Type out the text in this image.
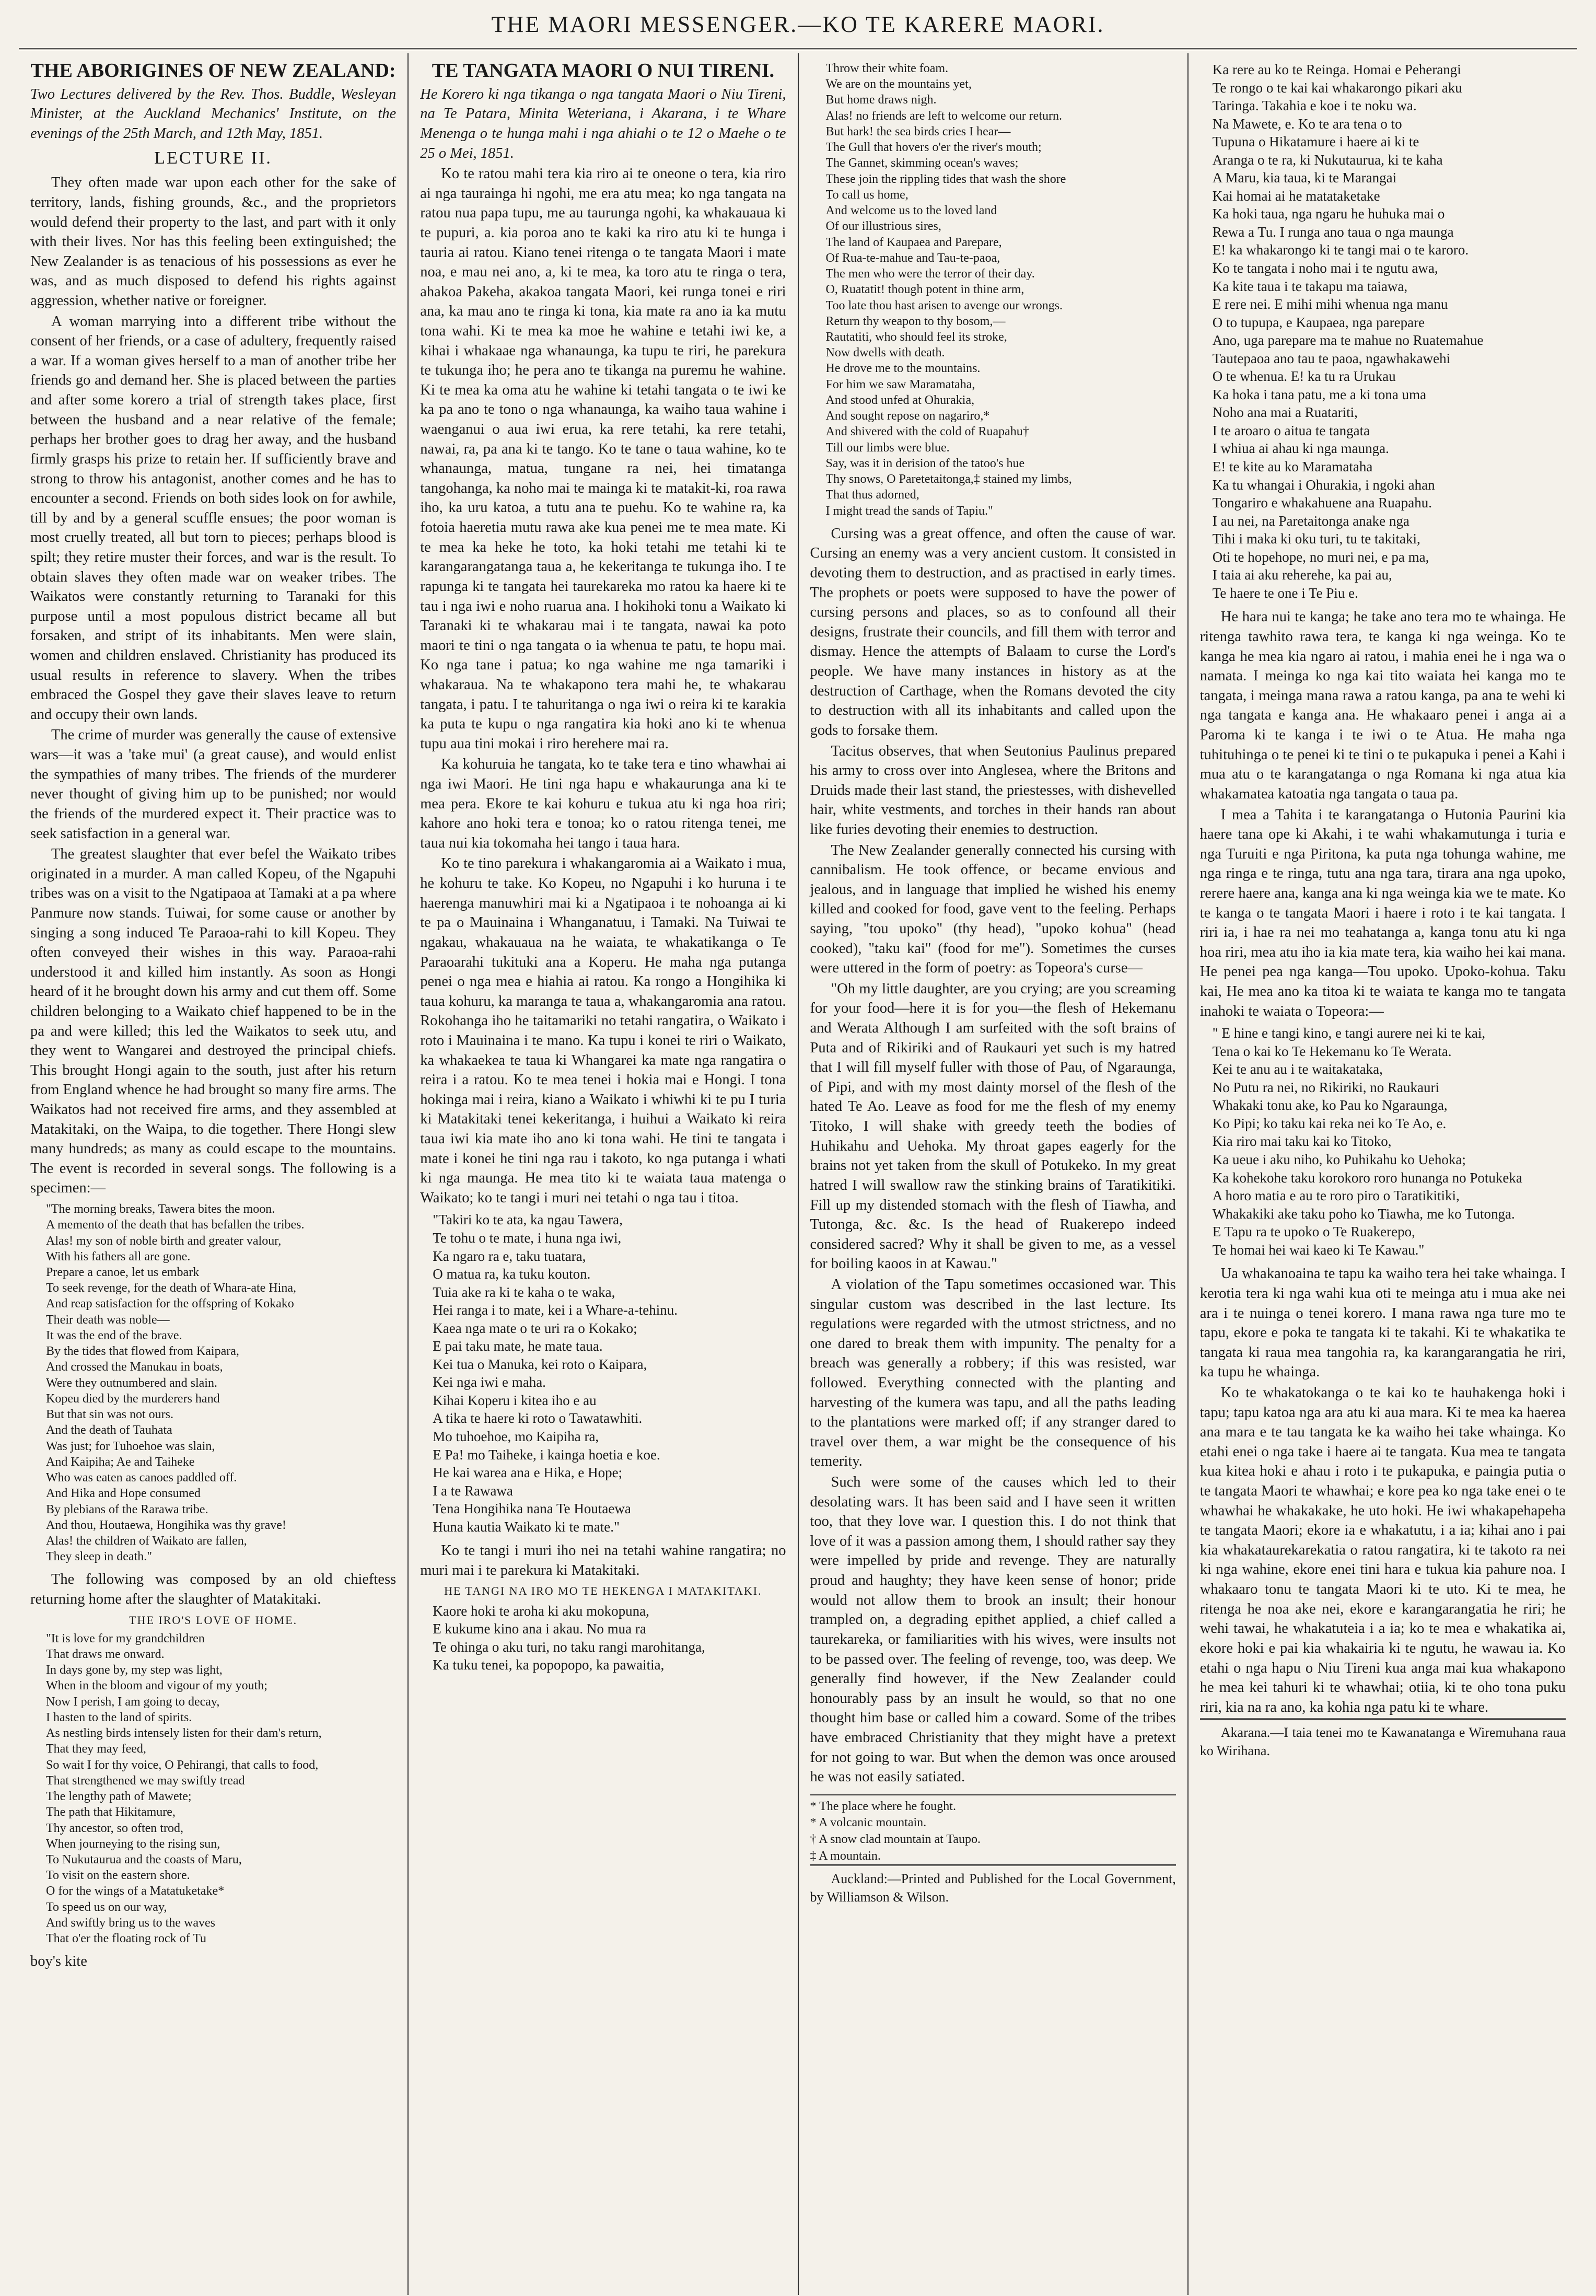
THE MAORI MESSENGER.—KO TE KARERE MAORI.
THE ABORIGINES OF NEW ZEALAND:

Two Lectures delivered by the Rev. Thos. Buddle, Wesleyan Minister, at the Auckland Mechanics' Institute, on the evenings of the 25th March, and 12th May, 1851.

LECTURE II.

They often made war upon each other for the sake of territory, lands, fishing grounds, &c., and the proprietors would defend their property to the last, and part with it only with their lives. Nor has this feeling been extinguished; the New Zealander is as tenacious of his possessions as ever he was, and as much disposed to defend his rights against aggression, whether native or foreigner.

A woman marrying into a different tribe without the consent of her friends, or a case of adultery, frequently raised a war. If a woman gives herself to a man of another tribe her friends go and demand her. She is placed between the parties and after some korero a trial of strength takes place, first between the husband and a near relative of the female; perhaps her brother goes to drag her away, and the husband firmly grasps his prize to retain her. If sufficiently brave and strong to throw his antagonist, another comes and he has to encounter a second. Friends on both sides look on for awhile, till by and by a general scuffle ensues; the poor woman is most cruelly treated, all but torn to pieces; perhaps blood is spilt; they retire muster their forces, and war is the result. To obtain slaves they often made war on weaker tribes. The Waikatos were constantly returning to Taranaki for this purpose until a most populous district became all but forsaken, and stript of its inhabitants. Men were slain, women and children enslaved. Christianity has produced its usual results in reference to slavery. When the tribes embraced the Gospel they gave their slaves leave to return and occupy their own lands.

The crime of murder was generally the cause of extensive wars—it was a 'take mui' (a great cause), and would enlist the sympathies of many tribes. The friends of the murderer never thought of giving him up to be punished; nor would the friends of the murdered expect it. Their practice was to seek satisfaction in a general war.

The greatest slaughter that ever befel the Waikato tribes originated in a murder. A man called Kopeu, of the Ngapuhi tribes was on a visit to the Ngatipaoa at Tamaki at a pa where Panmure now stands. Tuiwai, for some cause or another by singing a song induced Te Paraoa-rahi to kill Kopeu. They often conveyed their wishes in this way. Paraoa-rahi understood it and killed him instantly. As soon as Hongi heard of it he brought down his army and cut them off. Some children belonging to a Waikato chief happened to be in the pa and were killed; this led the Waikatos to seek utu, and they went to Wangarei and destroyed the principal chiefs. This brought Hongi again to the south, just after his return from England whence he had brought so many fire arms. The Waikatos had not received fire arms, and they assembled at Matakitaki, on the Waipa, to die together. There Hongi slew many hundreds; as many as could escape to the mountains. The event is recorded in several songs. The following is a specimen:—

"The morning breaks, Tawera bites the moon.
A memento of the death that has befallen the tribes.
Alas! my son of noble birth and greater valour,
With his fathers all are gone.
Prepare a canoe, let us embark
To seek revenge, for the death of Whara-ate Hina,
And reap satisfaction for the offspring of Kokako
Their death was noble—
It was the end of the brave.
By the tides that flowed from Kaipara,
And crossed the Manukau in boats,
Were they outnumbered and slain.
Kopeu died by the murderers hand
But that sin was not ours.
And the death of Tauhata
Was just; for Tuhoehoe was slain,
And Kaipiha; Ae and Taiheke
Who was eaten as canoes paddled off.
And Hika and Hope consumed
By plebians of the Rarawa tribe.
And thou, Houtaewa, Hongihika was thy grave!
Alas! the children of Waikato are fallen,
They sleep in death."

The following was composed by an old chieftess returning home after the slaughter of Matakitaki.

THE IRO'S LOVE OF HOME.
"It is love for my grandchildren
That draws me onward.
In days gone by, my step was light,
When in the bloom and vigour of my youth;
Now I perish, I am going to decay,
I hasten to the land of spirits.
As nestling birds intensely listen for their dam's return,
That they may feed,
So wait I for thy voice, O Pehirangi, that calls to food,
That strengthened we may swiftly tread
The lengthy path of Mawete;
The path that Hikitamure,
Thy ancestor, so often trod,
When journeying to the rising sun,
To Nukutaurua and the coasts of Maru,
To visit on the eastern shore.
O for the wings of a Matatuketake*
To speed us on our way,
And swiftly bring us to the waves
That o'er the floating rock of Tu
boy's kite
TE TANGATA MAORI O NUI TIRENI.

He Korero ki nga tikanga o nga tangata Maori o Niu Tireni, na Te Patara, Minita Weteriana, i Akarana, i te Whare Menenga o te hunga mahi i nga ahiahi o te 12 o Maehe o te 25 o Mei, 1851.

Ko te ratou mahi tera kia riro ai te oneone o tera, kia riro ai nga taurainga hi ngohi, me era atu mea; ko nga tangata na ratou nua papa tupu, me au taurunga ngohi, ka whakauaua ki te pupuri, a. kia poroa ano te kaki ka riro atu ki te hunga i tauria ai ratou. Kiano tenei ritenga o te tangata Maori i mate noa, e mau nei ano, a, ki te mea, ka toro atu te ringa o tera, ahakoa Pakeha, akakoa tangata Maori, kei runga tonei e riri ana, ka mau ano te ringa ki tona, kia mate ra ano ia ka mutu tona wahi. Ki te mea ka moe he wahine e tetahi iwi ke, a kihai i whakaae nga whanaunga, ka tupu te riri, he parekura te tukunga iho; he pera ano te tikanga na puremu he wahine. Ki te mea ka oma atu he wahine ki tetahi tangata o te iwi ke ka pa ano te tono o nga whanaunga, ka waiho taua wahine i waenganui o aua iwi erua, ka rere tetahi, ka rere tetahi, nawai, ra, pa ana ki te tango. Ko te tane o taua wahine, ko te whanaunga, matua, tungane ra nei, hei timatanga tangohanga, ka noho mai te mainga ki te matakit-ki, roa rawa iho, ka uru katoa, a tutu ana te puehu. Ko te wahine ra, ka fotoia haeretia mutu rawa ake kua penei me te mea mate. Ki te mea ka heke he toto, ka hoki tetahi me tetahi ki te karangarangatanga taua a, he kekeritanga te tukunga iho. I te rapunga ki te tangata hei taurekareka mo ratou ka haere ki te tau i nga iwi e noho ruarua ana. I hokihoki tonu a Waikato ki Taranaki ki te whakarau mai i te tangata, nawai ka poto maori te tini o nga tangata o ia whenua te patu, te hopu mai. Ko nga tane i patua; ko nga wahine me nga tamariki i whakaraua. Na te whakapono tera mahi he, te whakarau tangata, i patu. I te tahuritanga o nga iwi o reira ki te karakia ka puta te kupu o nga rangatira kia hoki ano ki te whenua tupu aua tini mokai i riro herehere mai ra.

Ka kohuruia he tangata, ko te take tera e tino whawhai ai nga iwi Maori. He tini nga hapu e whakaurunga ana ki te mea pera. Ekore te kai kohuru e tukua atu ki nga hoa riri; kahore ano hoki tera e tonoa; ko o ratou ritenga tenei, me taua nui kia tokomaha hei tango i taua hara.

Ko te tino parekura i whakangaromia ai a Waikato i mua, he kohuru te take. Ko Kopeu, no Ngapuhi i ko huruna i te haerenga manuwhiri mai ki a Ngatipaoa i te nohoanga ai ki te pa o Mauinaina i Whanganatuu, i Tamaki. Na Tuiwai te ngakau, whakauaua na he waiata, te whakatikanga o Te Paraoarahi tukituki ana a Koperu. He maha nga putanga penei o nga mea e hiahia ai ratou. Ka rongo a Hongihika ki taua kohuru, ka maranga te taua a, whakangaromia ana ratou. Rokohanga iho he taitamariki no tetahi rangatira, o Waikato i roto i Mauinaina i te mano. Ka tupu i konei te riri o Waikato, ka whakaekea te taua ki Whangarei ka mate nga rangatira o reira i a ratou. Ko te mea tenei i hokia mai e Hongi. I tona hokinga mai i reira, kiano a Waikato i whiwhi ki te pu I turia ki Matakitaki tenei kekeritanga, i huihui a Waikato ki reira taua iwi kia mate iho ano ki tona wahi. He tini te tangata i mate i konei he tini nga rau i takoto, ko nga putanga i whati ki nga maunga. He mea tito ki te waiata taua matenga o Waikato; ko te tangi i muri nei tetahi o nga tau i titoa.

"Takiri ko te ata, ka ngau Tawera,
Te tohu o te mate, i huna nga iwi,
Ka ngaro ra e, taku tuatara,
O matua ra, ka tuku kouton.
Tuia ake ra ki te kaha o te waka,
Hei ranga i to mate, kei i a Whare-a-tehinu.
Kaea nga mate o te uri ra o Kokako;
E pai taku mate, he mate taua.
Kei tua o Manuka, kei roto o Kaipara,
Kei nga iwi e maha.
Kihai Koperu i kitea iho e au
A tika te haere ki roto o Tawatawhiti.
Mo tuhoehoe, mo Kaipiha ra,
E Pa! mo Taiheke, i kainga hoetia e koe.
He kai warea ana e Hika, e Hope;
I a te Rawawa
Tena Hongihika nana Te Houtaewa
Huna kautia Waikato ki te mate."

Ko te tangi i muri iho nei na tetahi wahine rangatira; no muri mai i te parekura ki Matakitaki.

HE TANGI NA IRO MO TE HEKENGA I MATAKITAKI.
Kaore hoki te aroha ki aku mokopuna,
E kukume kino ana i akau. No mua ra
Te ohinga o aku turi, no taku rangi marohitanga,
Ka tuku tenei, ka popopopo, ka pawaitia,
Throw their white foam.
We are on the mountains yet,
But home draws nigh.
Alas! no friends are left to welcome our return.
But hark! the sea birds cries I hear—
The Gull that hovers o'er the river's mouth;
The Gannet, skimming ocean's waves;
These join the rippling tides that wash the shore
To call us home,
And welcome us to the loved land
Of our illustrious sires,
The land of Kaupaea and Parepare,
Of Rua-te-mahue and Tau-te-paoa,
The men who were the terror of their day.
O, Ruatatit! though potent in thine arm,
Too late thou hast arisen to avenge our wrongs.
Return thy weapon to thy bosom,—
Rautatiti, who should feel its stroke,
Now dwells with death.
He drove me to the mountains.
For him we saw Maramataha,
And stood unfed at Ohurakia,
And sought repose on nagariro,*
And shivered with the cold of Ruapahu†
Till our limbs were blue.
Say, was it in derision of the tatoo's hue
Thy snows, O Paretetaitonga,‡ stained my limbs,
That thus adorned,
I might tread the sands of Tapiu."

Cursing was a great offence, and often the cause of war. Cursing an enemy was a very ancient custom. It consisted in devoting them to destruction, and as practised in early times. The prophets or poets were supposed to have the power of cursing persons and places, so as to confound all their designs, frustrate their councils, and fill them with terror and dismay. Hence the attempts of Balaam to curse the Lord's people. We have many instances in history as at the destruction of Carthage, when the Romans devoted the city to destruction with all its inhabitants and called upon the gods to forsake them.

Tacitus observes, that when Seutonius Paulinus prepared his army to cross over into Anglesea, where the Britons and Druids made their last stand, the priestesses, with dishevelled hair, white vestments, and torches in their hands ran about like furies devoting their enemies to destruction.

The New Zealander generally connected his cursing with cannibalism. He took offence, or became envious and jealous, and in language that implied he wished his enemy killed and cooked for food, gave vent to the feeling. Perhaps saying, "tou upoko" (thy head), "upoko kohua" (head cooked), "taku kai" (food for me"). Sometimes the curses were uttered in the form of poetry: as Topeora's curse—

"Oh my little daughter, are you crying; are you screaming for your food—here it is for you—the flesh of Hekemanu and Werata Although I am surfeited with the soft brains of Puta and of Rikiriki and of Raukauri yet such is my hatred that I will fill myself fuller with those of Pau, of Ngaraunga, of Pipi, and with my most dainty morsel of the flesh of the hated Te Ao. Leave as food for me the flesh of my enemy Titoko, I will shake with greedy teeth the bodies of Huhikahu and Uehoka. My throat gapes eagerly for the brains not yet taken from the skull of Potukeko. In my great hatred I will swallow raw the stinking brains of Taratikitiki. Fill up my distended stomach with the flesh of Tiawha, and Tutonga, &c. &c. Is the head of Ruakerepo indeed considered sacred? Why it shall be given to me, as a vessel for boiling kaoos in at Kawau."

A violation of the Tapu sometimes occasioned war. This singular custom was described in the last lecture. Its regulations were regarded with the utmost strictness, and no one dared to break them with impunity. The penalty for a breach was generally a robbery; if this was resisted, war followed. Everything connected with the planting and harvesting of the kumera was tapu, and all the paths leading to the plantations were marked off; if any stranger dared to travel over them, a war might be the consequence of his temerity.

Such were some of the causes which led to their desolating wars. It has been said and I have seen it written too, that they love war. I question this. I do not think that love of it was a passion among them, I should rather say they were impelled by pride and revenge. They are naturally proud and haughty; they have keen sense of honor; pride would not allow them to brook an insult; their honour trampled on, a degrading epithet applied, a chief called a taurekareka, or familiarities with his wives, were insults not to be passed over. The feeling of revenge, too, was deep. We generally find however, if the New Zealander could honourably pass by an insult he would, so that no one thought him base or called him a coward. Some of the tribes have embraced Christianity that they might have a pretext for not going to war. But when the demon was once aroused he was not easily satiated.

* The place where he fought.
* A volcanic mountain.
† A snow clad mountain at Taupo.
‡ A mountain.

Auckland:—Printed and Published for the Local Government, by Williamson & Wilson.

Ka rere au ko te Reinga. Homai e Peherangi
Te rongo o te kai kai whakarongo pikari aku
Taringa. Takahia e koe i te noku wa.
Na Mawete, e. Ko te ara tena o to
Tupuna o Hikatamure i haere ai ki te
Aranga o te ra, ki Nukutaurua, ki te kaha
A Maru, kia taua, ki te Marangai
Kai homai ai he matataketake
Ka hoki taua, nga ngaru he huhuka mai o
Rewa a Tu. I runga ano taua o nga maunga
E! ka whakarongo ki te tangi mai o te karoro.
Ko te tangata i noho mai i te ngutu awa,
Ka kite taua i te takapu ma taiawa,
E rere nei. E mihi mihi whenua nga manu
O to tupupa, e Kaupaea, nga parepare
Ano, uga parepare ma te mahue no Ruatemahue
Tautepaoa ano tau te paoa, ngawhakawehi
O te whenua. E! ka tu ra Urukau
Ka hoka i tana patu, me a ki tona uma
Noho ana mai a Ruatariti,
I te aroaro o aitua te tangata
I whiua ai ahau ki nga maunga.
E! te kite au ko Maramataha
Ka tu whangai i Ohurakia, i ngoki ahan
Tongariro e whakahuene ana Ruapahu.
I au nei, na Paretaitonga anake nga
Tihi i maka ki oku turi, tu te takitaki,
Oti te hopehope, no muri nei, e pa ma,
I taia ai aku reherehe, ka pai au,
Te haere te one i Te Piu e.

He hara nui te kanga; he take ano tera mo te whainga. He ritenga tawhito rawa tera, te kanga ki nga weinga. Ko te kanga he mea kia ngaro ai ratou, i mahia enei he i nga wa o namata. I meinga ko nga kai tito waiata hei kanga mo te tangata, i meinga mana rawa a ratou kanga, pa ana te wehi ki nga tangata e kanga ana. He whakaaro penei i anga ai a Paroma ki te kanga i te iwi o te Atua. He maha nga tuhituhinga o te penei ki te tini o te pukapuka i penei a Kahi i mua atu o te karangatanga o nga Romana ki nga atua kia whakamatea katoatia nga tangata o taua pa.

I mea a Tahita i te karangatanga o Hutonia Paurini kia haere tana ope ki Akahi, i te wahi whakamutunga i turia e nga Turuiti e nga Piritona, ka puta nga tohunga wahine, me nga ringa e te ringa, tutu ana nga tara, tirara ana nga upoko, rerere haere ana, kanga ana ki nga weinga kia we te mate. Ko te kanga o te tangata Maori i haere i roto i te kai tangata. I riri ia, i hae ra nei mo teahatanga a, kanga tonu atu ki nga hoa riri, mea atu iho ia kia mate tera, kia waiho hei kai mana. He penei pea nga kanga—Tou upoko. Upoko-kohua. Taku kai, He mea ano ka titoa ki te waiata te kanga mo te tangata inahoki te waiata o Topeora:—

" E hine e tangi kino, e tangi aurere nei ki te kai,
Tena o kai ko Te Hekemanu ko Te Werata.
Kei te anu au i te waitakataka,
No Putu ra nei, no Rikiriki, no Raukauri
Whakaki tonu ake, ko Pau ko Ngaraunga,
Ko Pipi; ko taku kai reka nei ko Te Ao, e.
Kia riro mai taku kai ko Titoko,
Ka ueue i aku niho, ko Puhikahu ko Uehoka;
Ka kohekohe taku korokoro roro hunanga no Potukeka
A horo matia e au te roro piro o Taratikitiki,
Whakakiki ake taku poho ko Tiawha, me ko Tutonga.
E Tapu ra te upoko o Te Ruakerepo,
Te homai hei wai kaeo ki Te Kawau."

Ua whakanoaina te tapu ka waiho tera hei take whainga. I kerotia tera ki nga wahi kua oti te meinga atu i mua ake nei ara i te nuinga o tenei korero. I mana rawa nga ture mo te tapu, ekore e poka te tangata ki te takahi. Ki te whakatika te tangata ki raua mea tangohia ra, ka karangarangatia he riri, ka tupu he whainga.

Ko te whakatokanga o te kai ko te hauhakenga hoki i tapu; tapu katoa nga ara atu ki aua mara. Ki te mea ka haerea ana mara e te tau tangata ke ka waiho hei take whainga. Ko etahi enei o nga take i haere ai te tangata. Kua mea te tangata kua kitea hoki e ahau i roto i te pukapuka, e paingia putia o te tangata Maori te whawhai; e kore pea ko nga take enei o te whawhai he whakakake, he uto hoki. He iwi whakapehapeha te tangata Maori; ekore ia e whakatutu, i a ia; kihai ano i pai kia whakataurekarekatia o ratou rangatira, ki te takoto ra nei ki nga wahine, ekore enei tini hara e tukua kia pahure noa. I whakaaro tonu te tangata Maori ki te uto. Ki te mea, he ritenga he noa ake nei, ekore e karangarangatia he riri; he wehi tawai, he whakatuteia i a ia; ko te mea e whakatika ai, ekore hoki e pai kia whakairia ki te ngutu, he wawau ia. Ko etahi o nga hapu o Niu Tireni kua anga mai kua whakapono he mea kei tahuri ki te whawhai; otiia, ki te oho tona puku riri, kia na ra ano, ka kohia nga patu ki te whare.

Akarana.—I taia tenei mo te Kawanatanga e Wiremuhana raua ko Wirihana.
